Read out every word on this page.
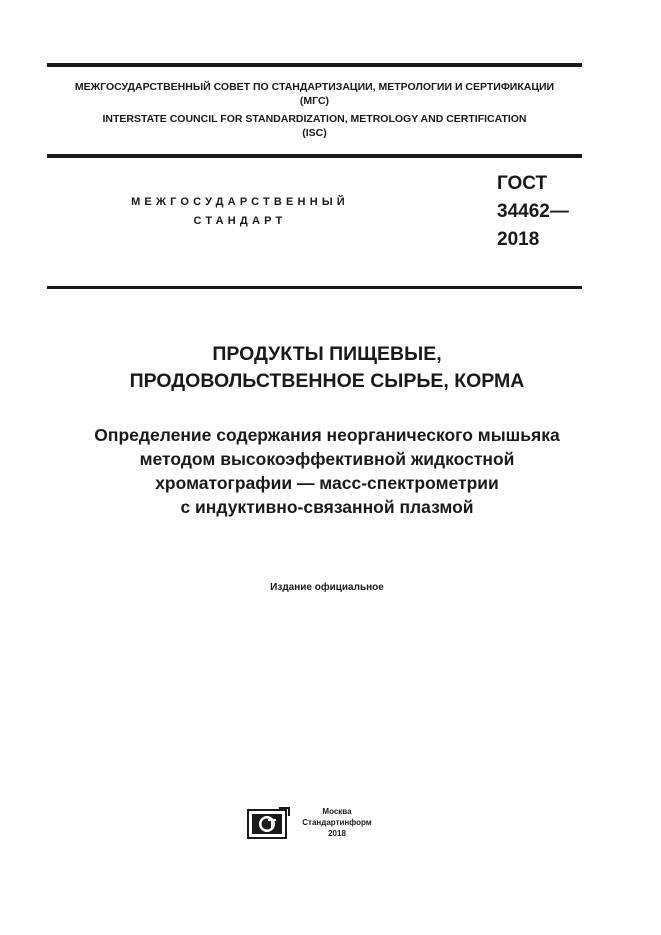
МЕЖГОСУДАРСТВЕННЫЙ СОВЕТ ПО СТАНДАРТИЗАЦИИ, МЕТРОЛОГИИ И СЕРТИФИКАЦИИ

(МГС)

INTERSTATE COUNCIL FOR STANDARDIZATION, METROLOGY AND CERTIFICATION

(ISC)

МЕЖГОСУДАРСТВЕННЫЙ

СТАНДАРТ

ГОСТ
34462—
2018
ПРОДУКТЫ ПИЩЕВЫЕ,
ПРОДОВОЛЬСТВЕННОЕ СЫРЬЕ, КОРМА
Определение содержания неорганического мышьяка
методом высокоэффективной жидкостной
хроматографии — масс-спектрометрии
с индуктивно-связанной плазмой

Издание официальное

Москва
Стандартинформ
2018
